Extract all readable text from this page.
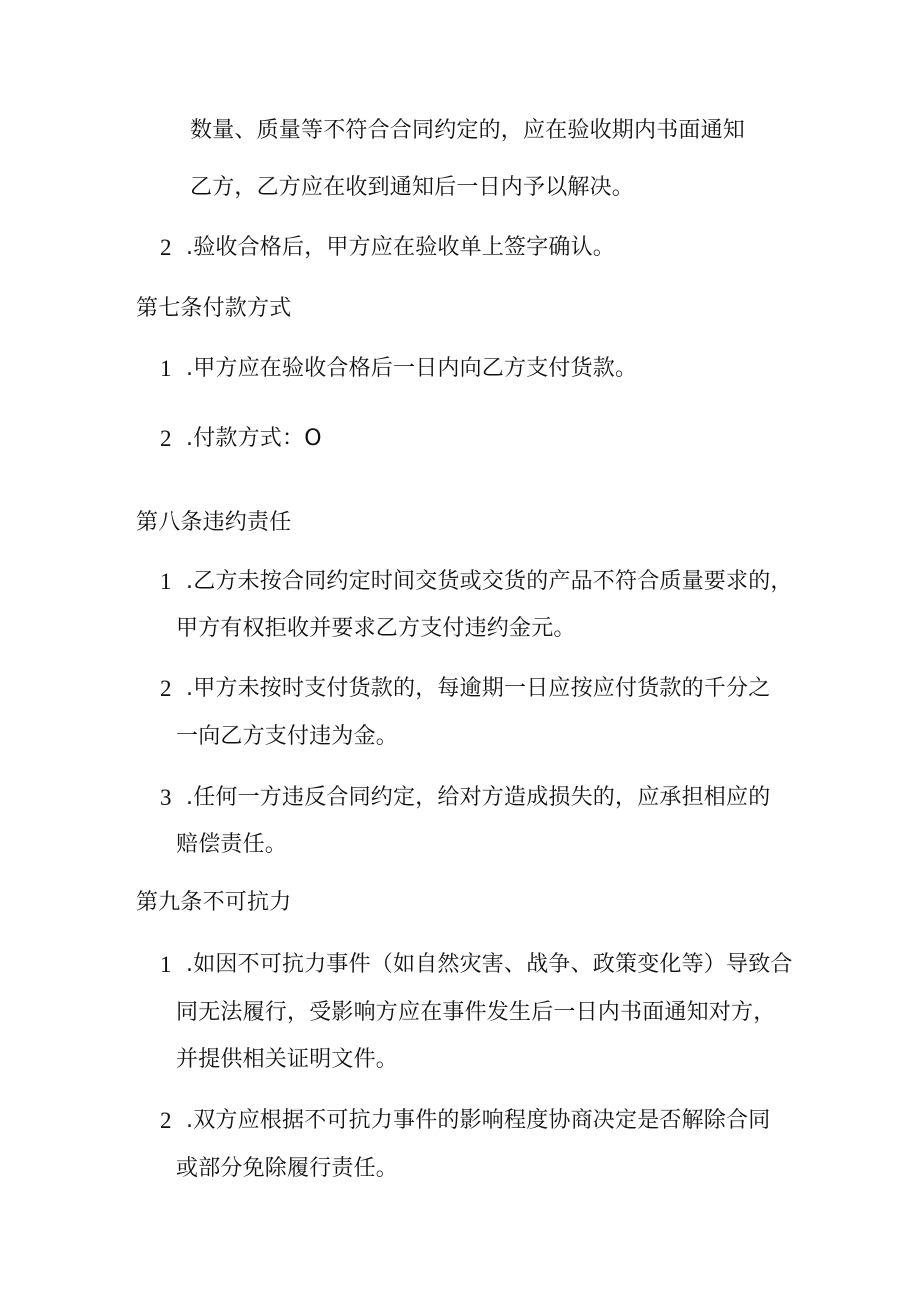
数量、质量等不符合合同约定的，应在验收期内书面通知
乙方，乙方应在收到通知后一日内予以解决。
2 .验收合格后，甲方应在验收单上签字确认。
第七条付款方式
1 .甲方应在验收合格后一日内向乙方支付货款。
2 .付款方式：O
第八条违约责任
1 .乙方未按合同约定时间交货或交货的产品不符合质量要求的，
甲方有权拒收并要求乙方支付违约金元。
2 .甲方未按时支付货款的，每逾期一日应按应付货款的千分之
一向乙方支付违为金。
3 .任何一方违反合同约定，给对方造成损失的，应承担相应的
赔偿责任。
第九条不可抗力
1 .如因不可抗力事件（如自然灾害、战争、政策变化等）导致合
同无法履行，受影响方应在事件发生后一日内书面通知对方，
并提供相关证明文件。
2 .双方应根据不可抗力事件的影响程度协商决定是否解除合同
或部分免除履行责任。
